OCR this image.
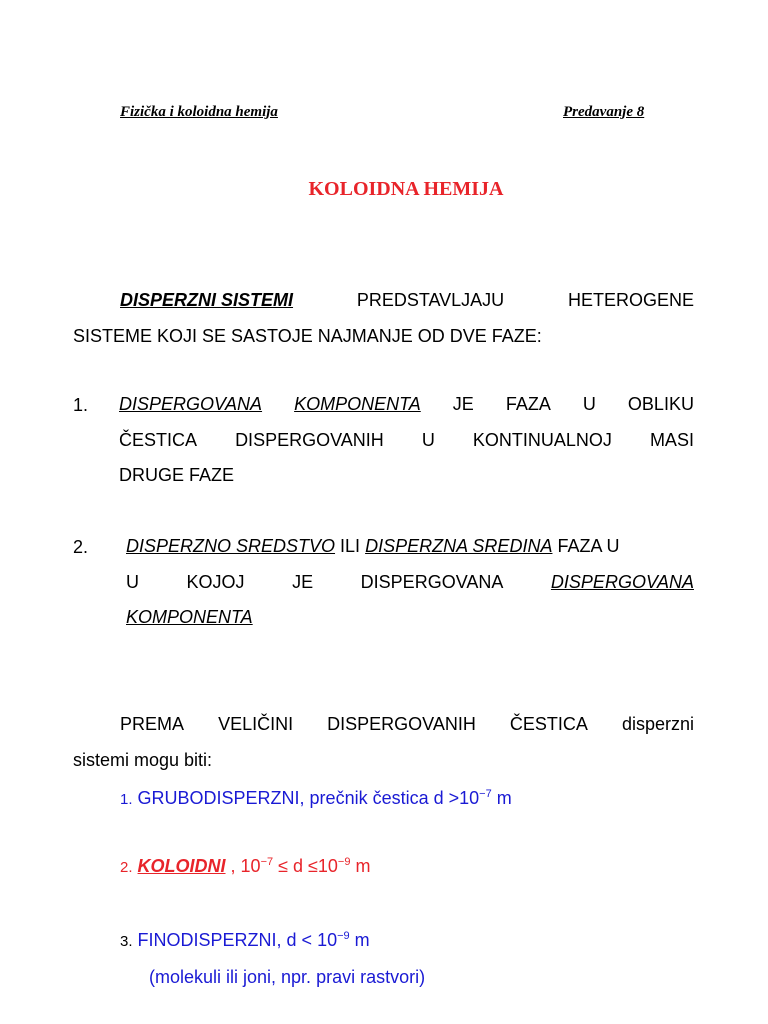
Fizička i koloidna hemija	Predavanje 8
KOLOIDNA HEMIJA
DISPERZNI SISTEMI	PREDSTAVLJAJU	HETEROGENE
SISTEME KOJI SE SASTOJE NAJMANJE OD DVE FAZE:
1. DISPERGOVANA KOMPONENTA JE FAZA U OBLIKU
ČESTICA DISPERGOVANIH U KONTINUALNOJ MASI
DRUGE FAZE
2. DISPERZNO SREDSTVO
ILI
DISPERZNA SREDINA
FAZA U
U	KOJOJ	JE	DISPERGOVANA	DISPERGOVANA
KOMPONENTA
PREMA VELIČINI DISPERGOVANIH ČESTICA disperzni
sistemi mogu biti:
1. GRUBODISPERZNI, prečnik čestica $d >10^{-7}$ m
2. KOLOIDNI , $10^{-7} \le d \le 10^{-9}$ m
3. FINODISPERZNI, $d < 10^{-9}$ m
(molekuli ili joni, npr. pravi rastvori)
